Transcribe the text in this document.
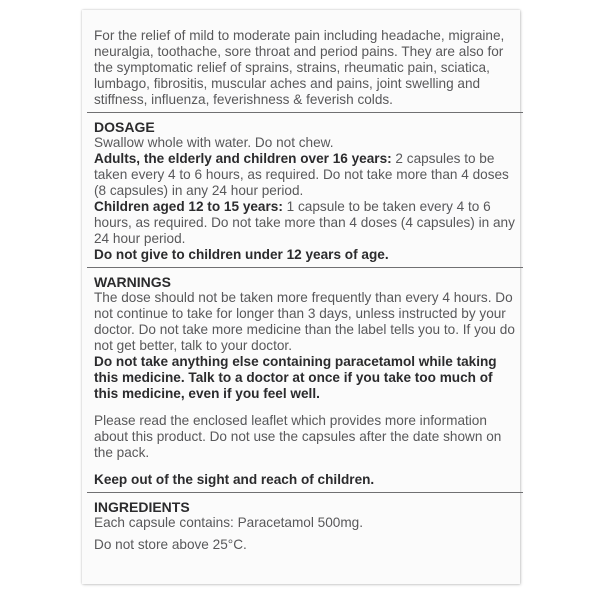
For the relief of mild to moderate pain including headache, migraine, neuralgia, toothache, sore throat and period pains. They are also for the symptomatic relief of sprains, strains, rheumatic pain, sciatica, lumbago, fibrositis, muscular aches and pains, joint swelling and stiffness, influenza, feverishness & feverish colds.

DOSAGE

Swallow whole with water. Do not chew.

Adults, the elderly and children over 16 years: 2 capsules to be taken every 4 to 6 hours, as required. Do not take more than 4 doses (8 capsules) in any 24 hour period.

Children aged 12 to 15 years: 1 capsule to be taken every 4 to 6 hours, as required. Do not take more than 4 doses (4 capsules) in any 24 hour period.

Do not give to children under 12 years of age.

WARNINGS

The dose should not be taken more frequently than every 4 hours. Do not continue to take for longer than 3 days, unless instructed by your doctor. Do not take more medicine than the label tells you to. If you do not get better, talk to your doctor.

Do not take anything else containing paracetamol while taking this medicine. Talk to a doctor at once if you take too much of this medicine, even if you feel well.

Please read the enclosed leaflet which provides more information about this product. Do not use the capsules after the date shown on the pack.

Keep out of the sight and reach of children.

INGREDIENTS

Each capsule contains: Paracetamol 500mg.

Do not store above 25°C.
